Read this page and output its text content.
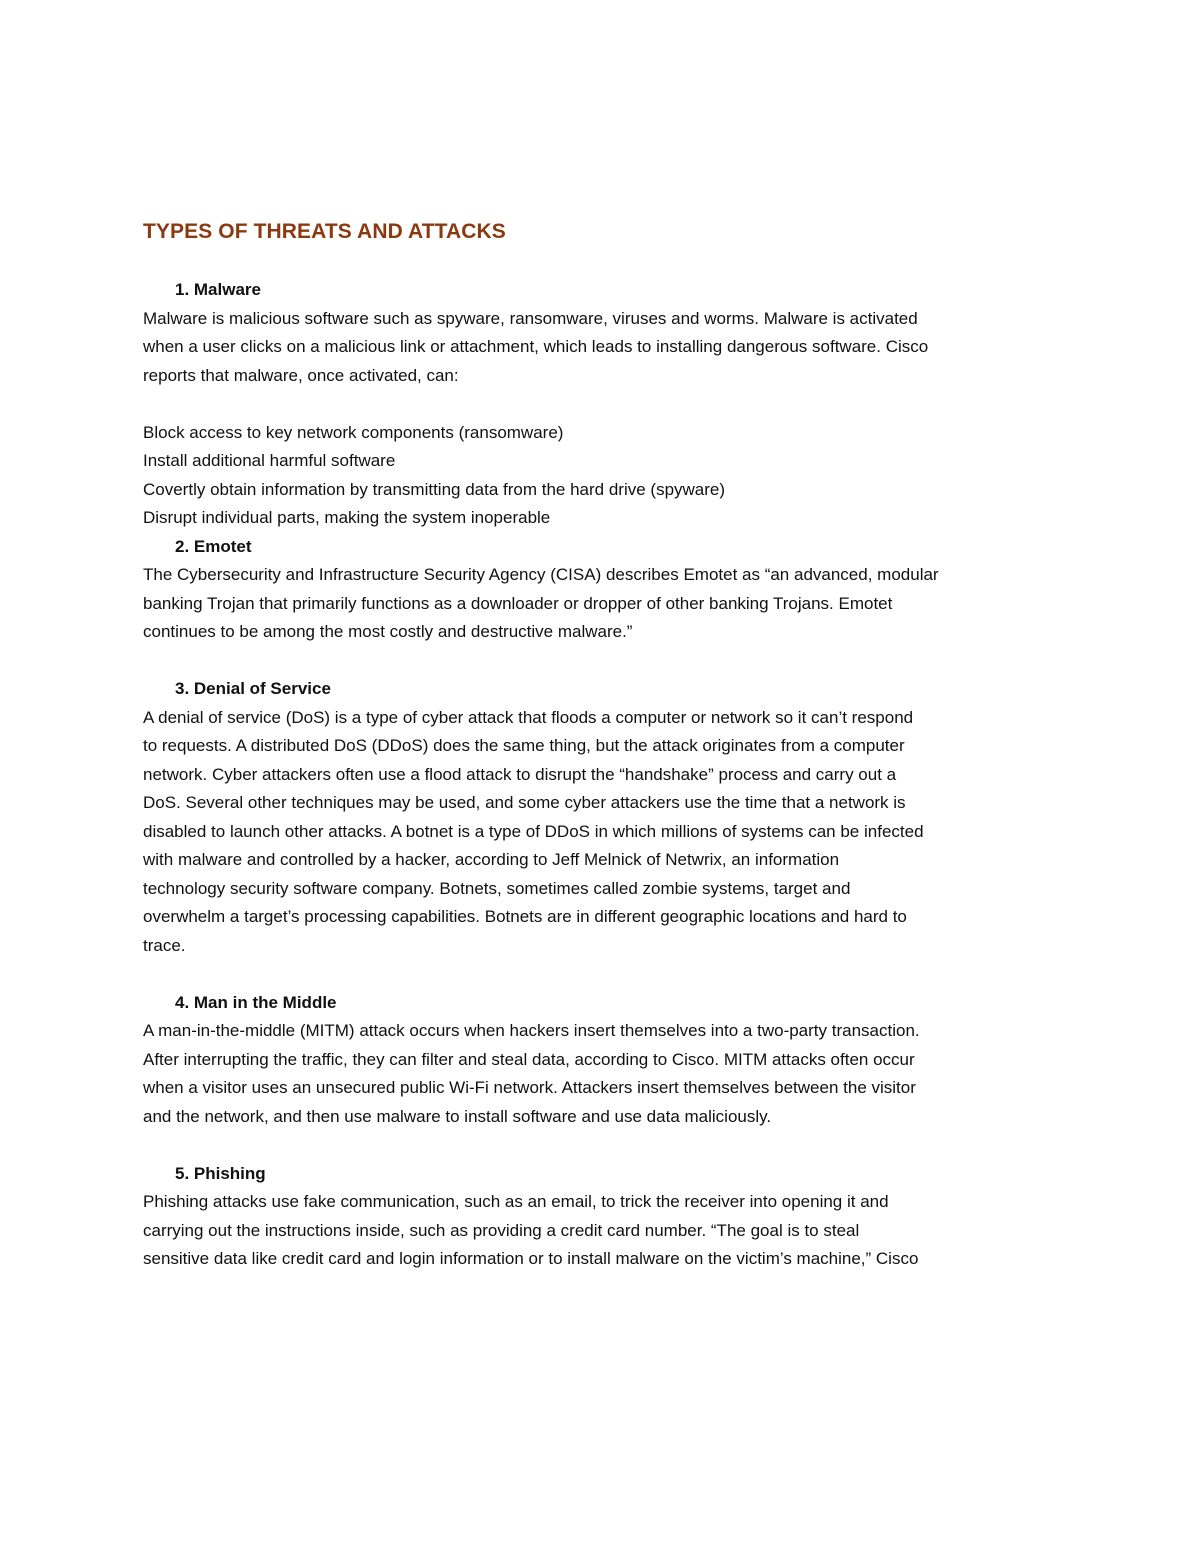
TYPES OF THREATS AND ATTACKS
1. Malware

Malware is malicious software such as spyware, ransomware, viruses and worms. Malware is activated
when a user clicks on a malicious link or attachment, which leads to installing dangerous software. Cisco
reports that malware, once activated, can:

Block access to key network components (ransomware)
Install additional harmful software
Covertly obtain information by transmitting data from the hard drive (spyware)
Disrupt individual parts, making the system inoperable
2. Emotet

The Cybersecurity and Infrastructure Security Agency (CISA) describes Emotet as “an advanced, modular
banking Trojan that primarily functions as a downloader or dropper of other banking Trojans. Emotet
continues to be among the most costly and destructive malware.”

3. Denial of Service

A denial of service (DoS) is a type of cyber attack that floods a computer or network so it can’t respond
to requests. A distributed DoS (DDoS) does the same thing, but the attack originates from a computer
network. Cyber attackers often use a flood attack to disrupt the “handshake” process and carry out a
DoS. Several other techniques may be used, and some cyber attackers use the time that a network is
disabled to launch other attacks. A botnet is a type of DDoS in which millions of systems can be infected
with malware and controlled by a hacker, according to Jeff Melnick of Netwrix, an information
technology security software company. Botnets, sometimes called zombie systems, target and
overwhelm a target’s processing capabilities. Botnets are in different geographic locations and hard to
trace.

4. Man in the Middle

A man-in-the-middle (MITM) attack occurs when hackers insert themselves into a two-party transaction.
After interrupting the traffic, they can filter and steal data, according to Cisco. MITM attacks often occur
when a visitor uses an unsecured public Wi-Fi network. Attackers insert themselves between the visitor
and the network, and then use malware to install software and use data maliciously.

5. Phishing

Phishing attacks use fake communication, such as an email, to trick the receiver into opening it and
carrying out the instructions inside, such as providing a credit card number. “The goal is to steal
sensitive data like credit card and login information or to install malware on the victim’s machine,” Cisco
